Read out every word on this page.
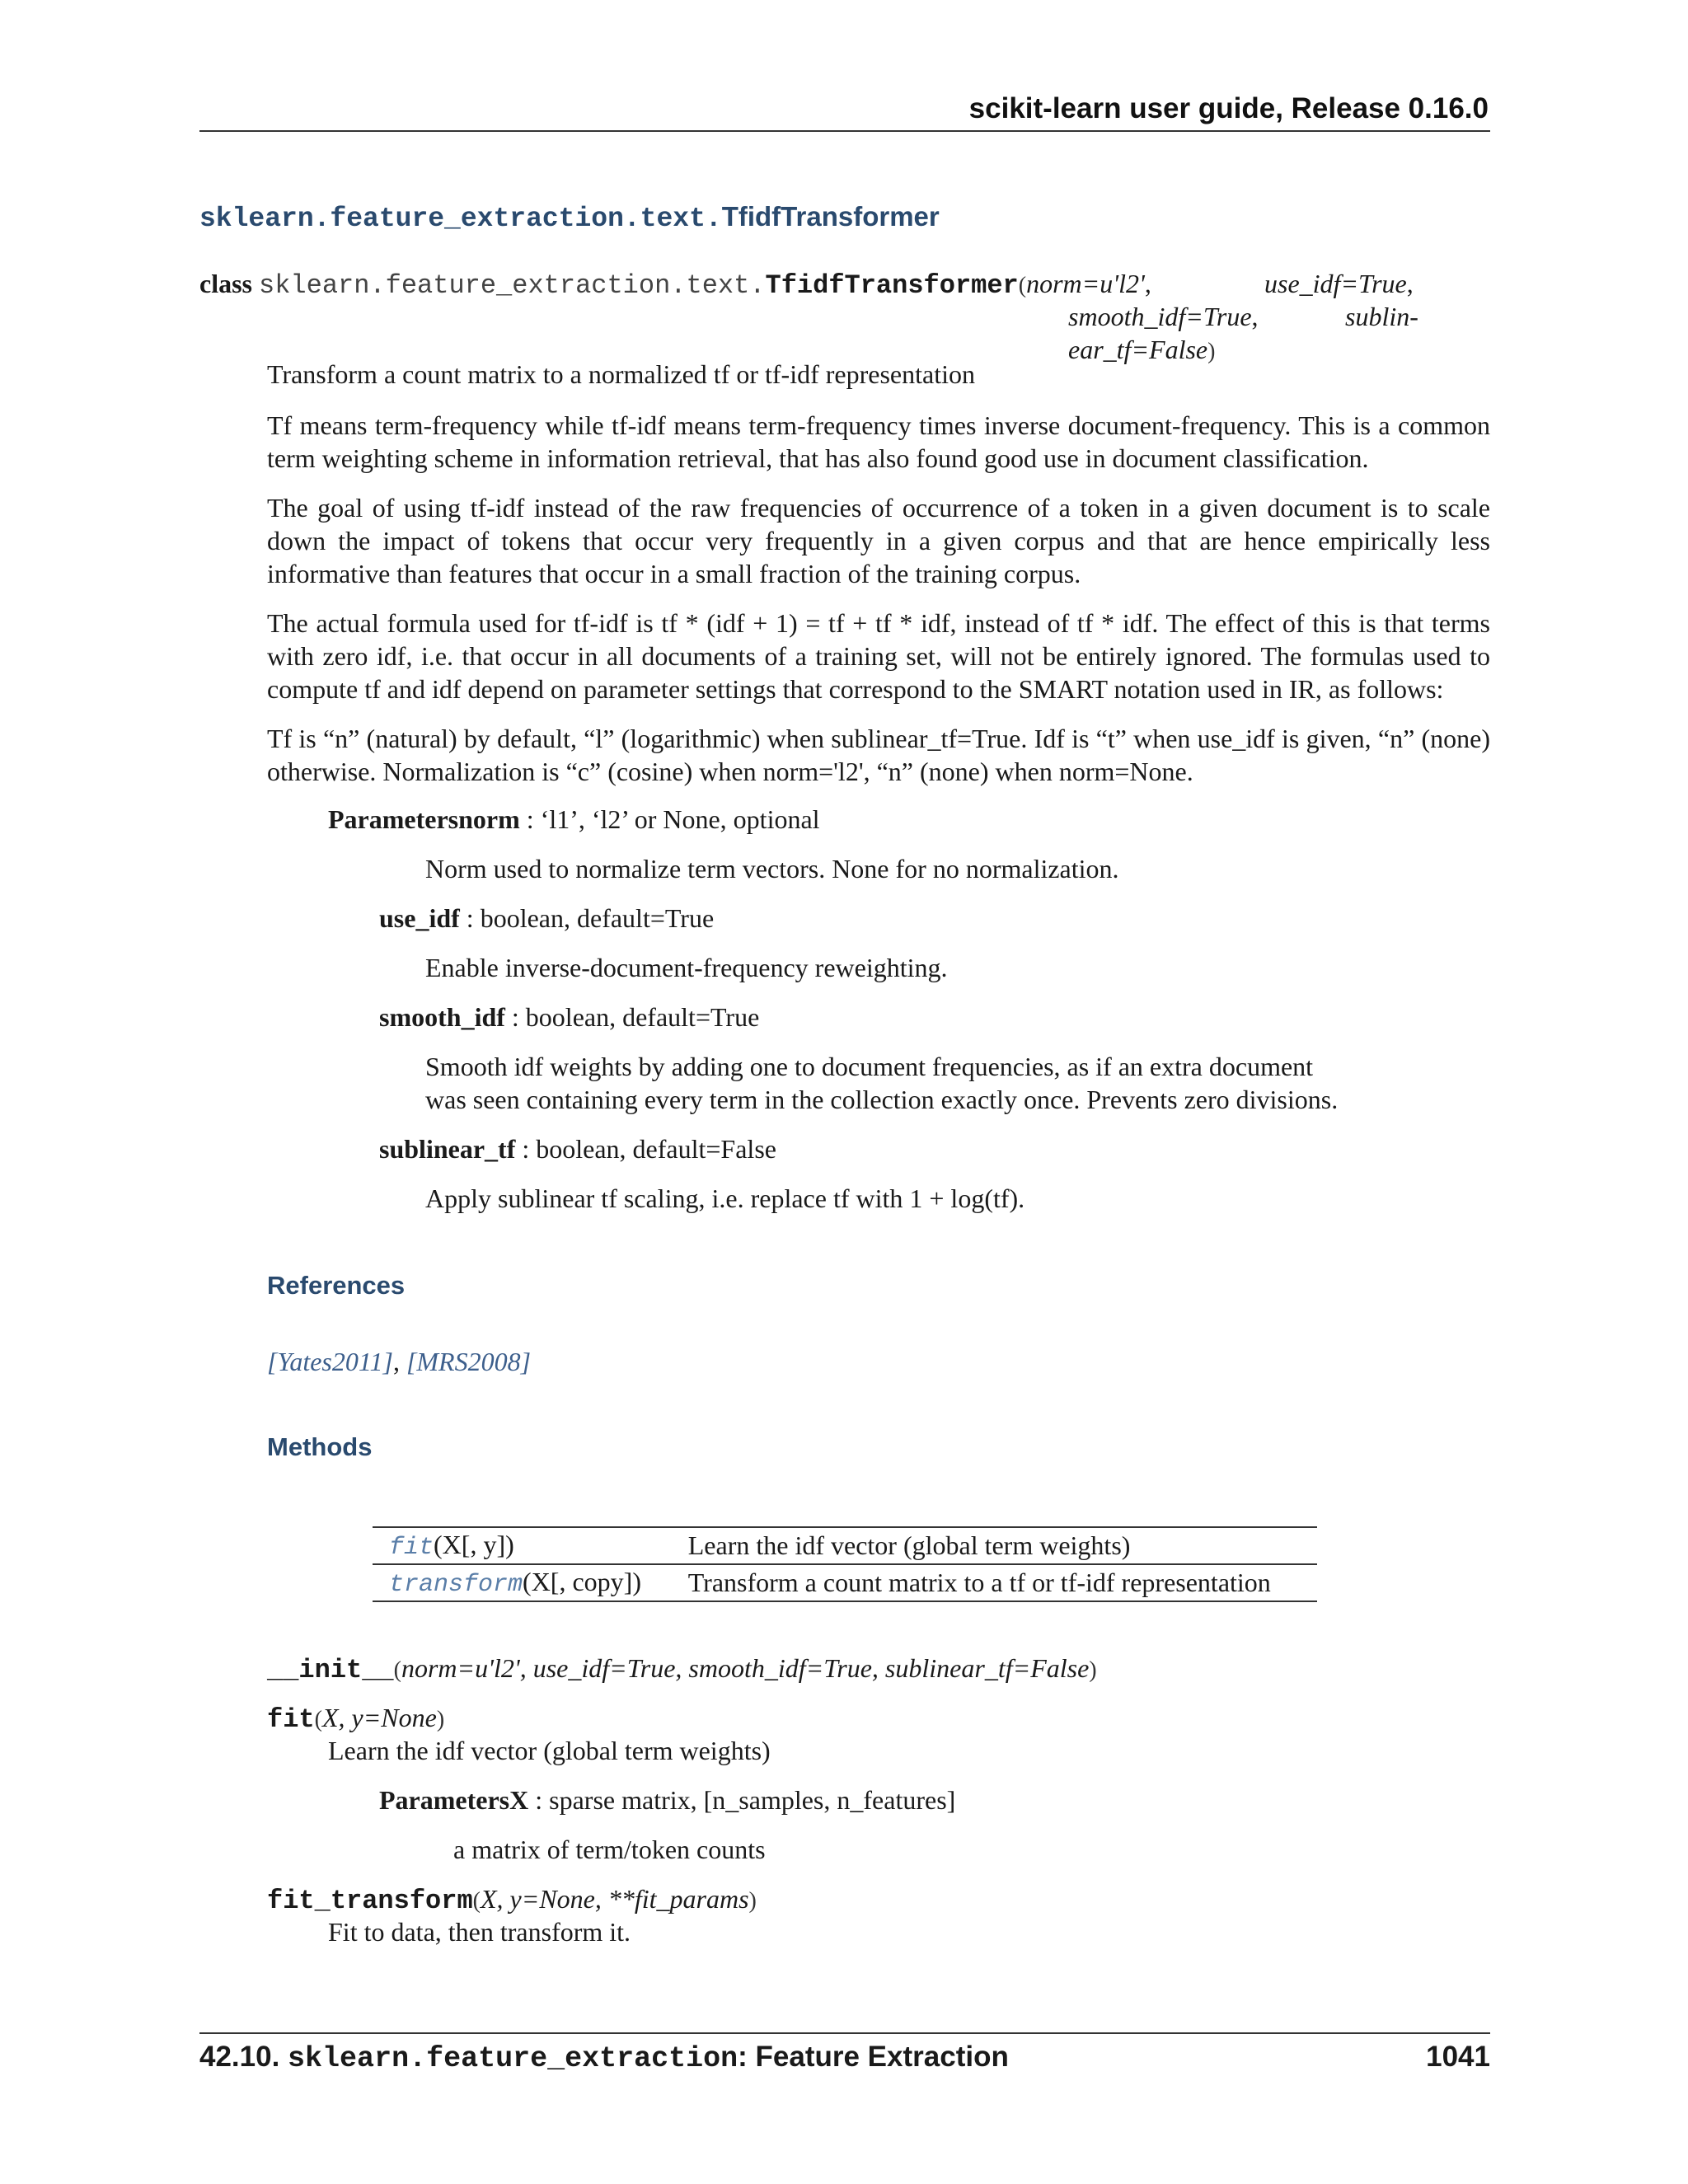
scikit-learn user guide, Release 0.16.0
sklearn.feature_extraction.text.TfidfTransformer
class sklearn.feature_extraction.text.TfidfTransformer(norm=u'l2',	use_idf=True,
smooth_idf=True,	sublin-
ear_tf=False)
Transform a count matrix to a normalized tf or tf-idf representation
Tf means term-frequency while tf-idf means term-frequency times inverse document-frequency. This is a common term weighting scheme in information retrieval, that has also found good use in document classification.
The goal of using tf-idf instead of the raw frequencies of occurrence of a token in a given document is to scale down the impact of tokens that occur very frequently in a given corpus and that are hence empirically less informative than features that occur in a small fraction of the training corpus.
The actual formula used for tf-idf is tf * (idf + 1) = tf + tf * idf, instead of tf * idf. The effect of this is that terms with zero idf, i.e. that occur in all documents of a training set, will not be entirely ignored. The formulas used to compute tf and idf depend on parameter settings that correspond to the SMART notation used in IR, as follows:
Tf is “n” (natural) by default, “l” (logarithmic) when sublinear_tf=True. Idf is “t” when use_idf is given, “n” (none) otherwise. Normalization is “c” (cosine) when norm='l2', “n” (none) when norm=None.
Parametersnorm : ‘l1’, ‘l2’ or None, optional
Norm used to normalize term vectors. None for no normalization.
use_idf : boolean, default=True
Enable inverse-document-frequency reweighting.
smooth_idf : boolean, default=True
Smooth idf weights by adding one to document frequencies, as if an extra document
was seen containing every term in the collection exactly once. Prevents zero divisions.
sublinear_tf : boolean, default=False
Apply sublinear tf scaling, i.e. replace tf with 1 + log(tf).
References
[Yates2011], [MRS2008]
Methods
fit(X[, y])	Learn the idf vector (global term weights)
transform(X[, copy])	Transform a count matrix to a tf or tf-idf representation
__init__(norm=u'l2', use_idf=True, smooth_idf=True, sublinear_tf=False)
fit(X, y=None)
Learn the idf vector (global term weights)
ParametersX : sparse matrix, [n_samples, n_features]
a matrix of term/token counts
fit_transform(X, y=None, **fit_params)
Fit to data, then transform it.
42.10. sklearn.feature_extraction: Feature Extraction	1041
